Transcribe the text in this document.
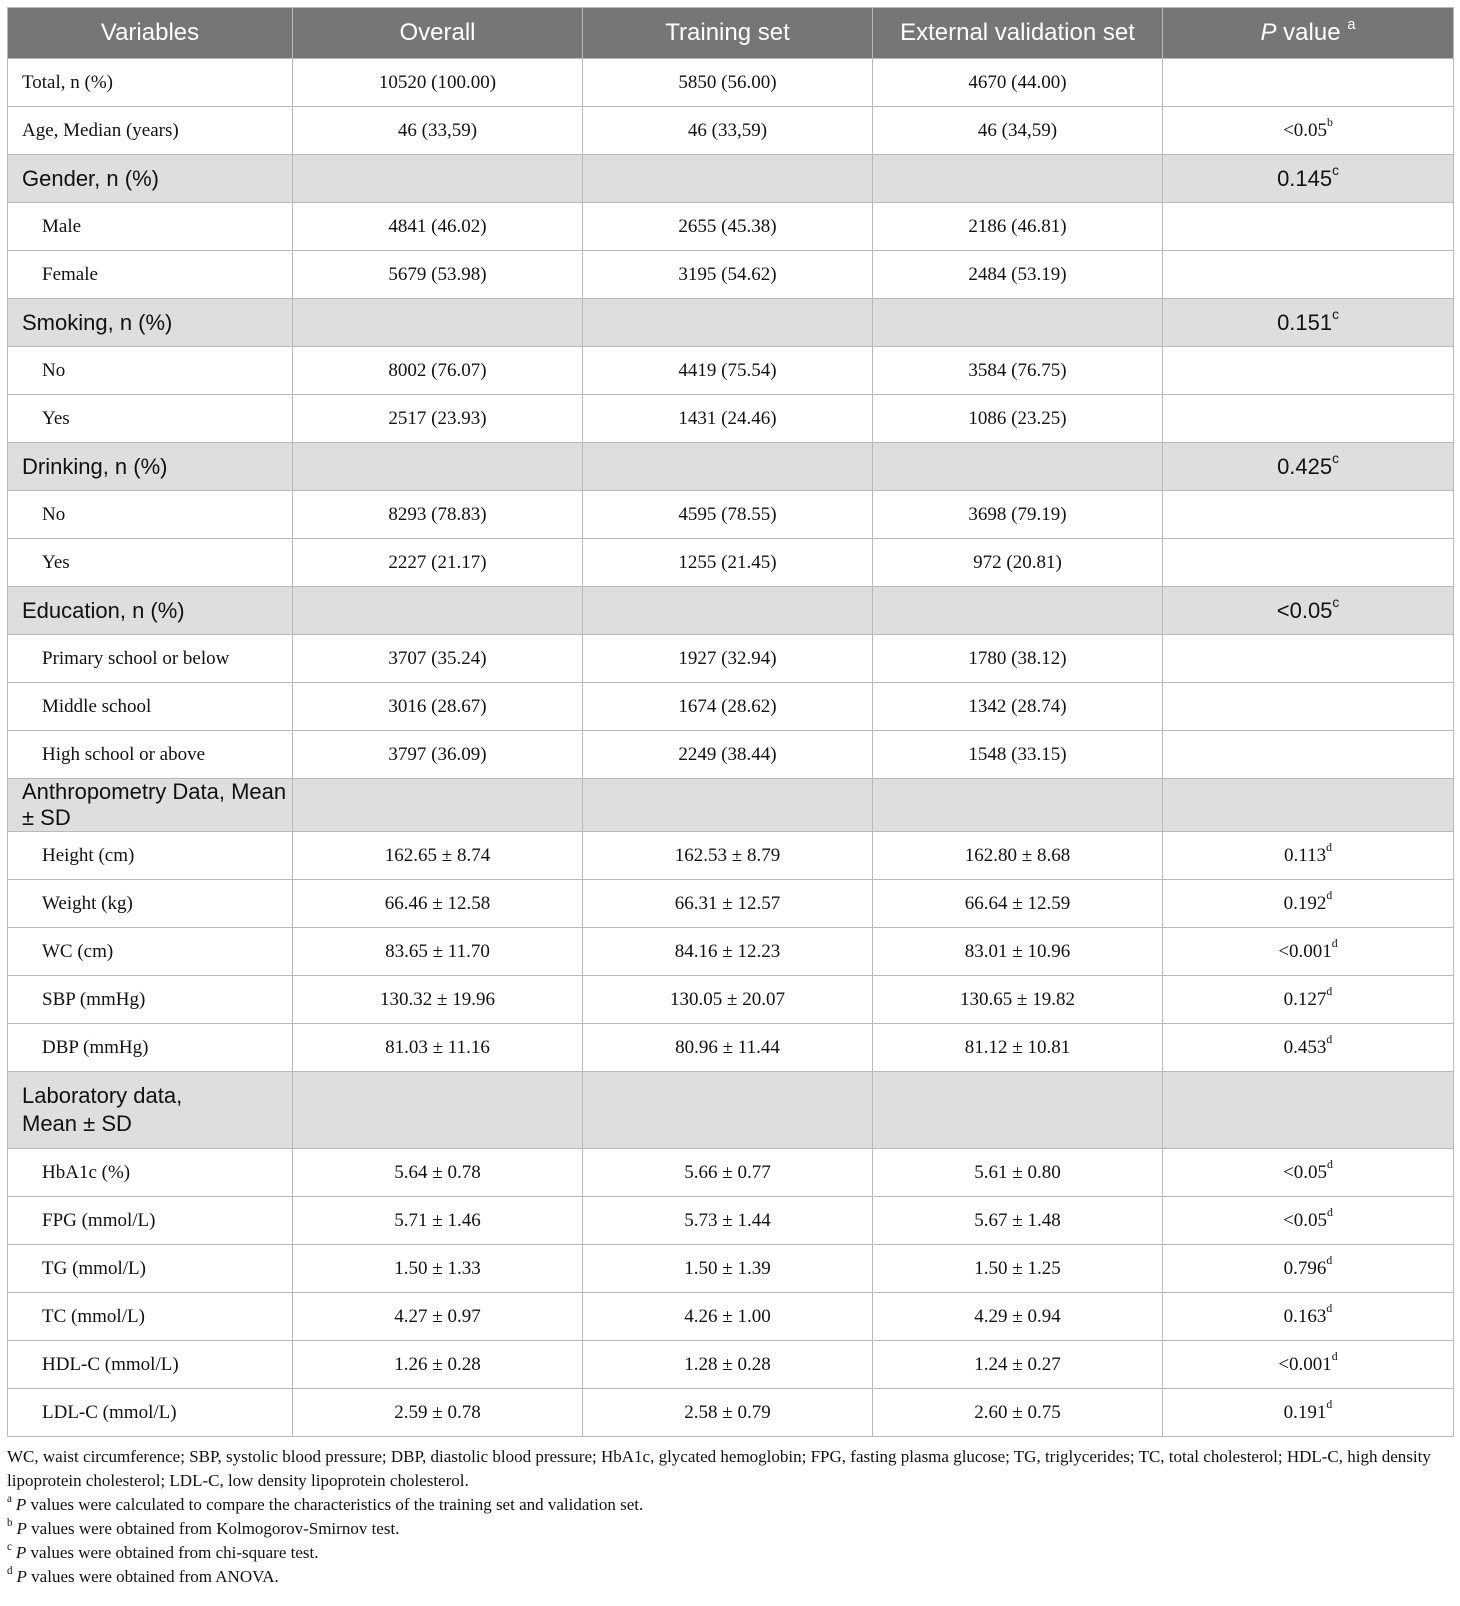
Variables	Overall	Training set	External validation set	P value $^a$
Total, n (%)	10520 (100.00)	5850 (56.00)	4670 (44.00)	
Age, Median (years)	46 (33,59)	46 (33,59)	46 (34,59)	<0.05$^b$
Gender, n (%)				0.145$^c$
Male	4841 (46.02)	2655 (45.38)	2186 (46.81)	
Female	5679 (53.98)	3195 (54.62)	2484 (53.19)	
Smoking, n (%)				0.151$^c$
No	8002 (76.07)	4419 (75.54)	3584 (76.75)	
Yes	2517 (23.93)	1431 (24.46)	1086 (23.25)	
Drinking, n (%)				0.425$^c$
No	8293 (78.83)	4595 (78.55)	3698 (79.19)	
Yes	2227 (21.17)	1255 (21.45)	972 (20.81)	
Education, n (%)				<0.05$^c$
Primary school or below	3707 (35.24)	1927 (32.94)	1780 (38.12)	
Middle school	3016 (28.67)	1674 (28.62)	1342 (28.74)	
High school or above	3797 (36.09)	2249 (38.44)	1548 (33.15)	
Anthropometry Data, Mean ± SD				
Height (cm)	162.65 ± 8.74	162.53 ± 8.79	162.80 ± 8.68	0.113$^d$
Weight (kg)	66.46 ± 12.58	66.31 ± 12.57	66.64 ± 12.59	0.192$^d$
WC (cm)	83.65 ± 11.70	84.16 ± 12.23	83.01 ± 10.96	<0.001$^d$
SBP (mmHg)	130.32 ± 19.96	130.05 ± 20.07	130.65 ± 19.82	0.127$^d$
DBP (mmHg)	81.03 ± 11.16	80.96 ± 11.44	81.12 ± 10.81	0.453$^d$
Laboratory data,
Mean ± SD				
HbA1c (%)	5.64 ± 0.78	5.66 ± 0.77	5.61 ± 0.80	<0.05$^d$
FPG (mmol/L)	5.71 ± 1.46	5.73 ± 1.44	5.67 ± 1.48	<0.05$^d$
TG (mmol/L)	1.50 ± 1.33	1.50 ± 1.39	1.50 ± 1.25	0.796$^d$
TC (mmol/L)	4.27 ± 0.97	4.26 ± 1.00	4.29 ± 0.94	0.163$^d$
HDL-C (mmol/L)	1.26 ± 0.28	1.28 ± 0.28	1.24 ± 0.27	<0.001$^d$
LDL-C (mmol/L)	2.59 ± 0.78	2.58 ± 0.79	2.60 ± 0.75	0.191$^d$
WC, waist circumference; SBP, systolic blood pressure; DBP, diastolic blood pressure; HbA1c, glycated hemoglobin; FPG, fasting plasma glucose; TG, triglycerides; TC, total cholesterol; HDL-C, high density lipoprotein cholesterol; LDL-C, low density lipoprotein cholesterol.
$^a$ P values were calculated to compare the characteristics of the training set and validation set.
$^b$ P values were obtained from Kolmogorov-Smirnov test.
$^c$ P values were obtained from chi-square test.
$^d$ P values were obtained from ANOVA.
